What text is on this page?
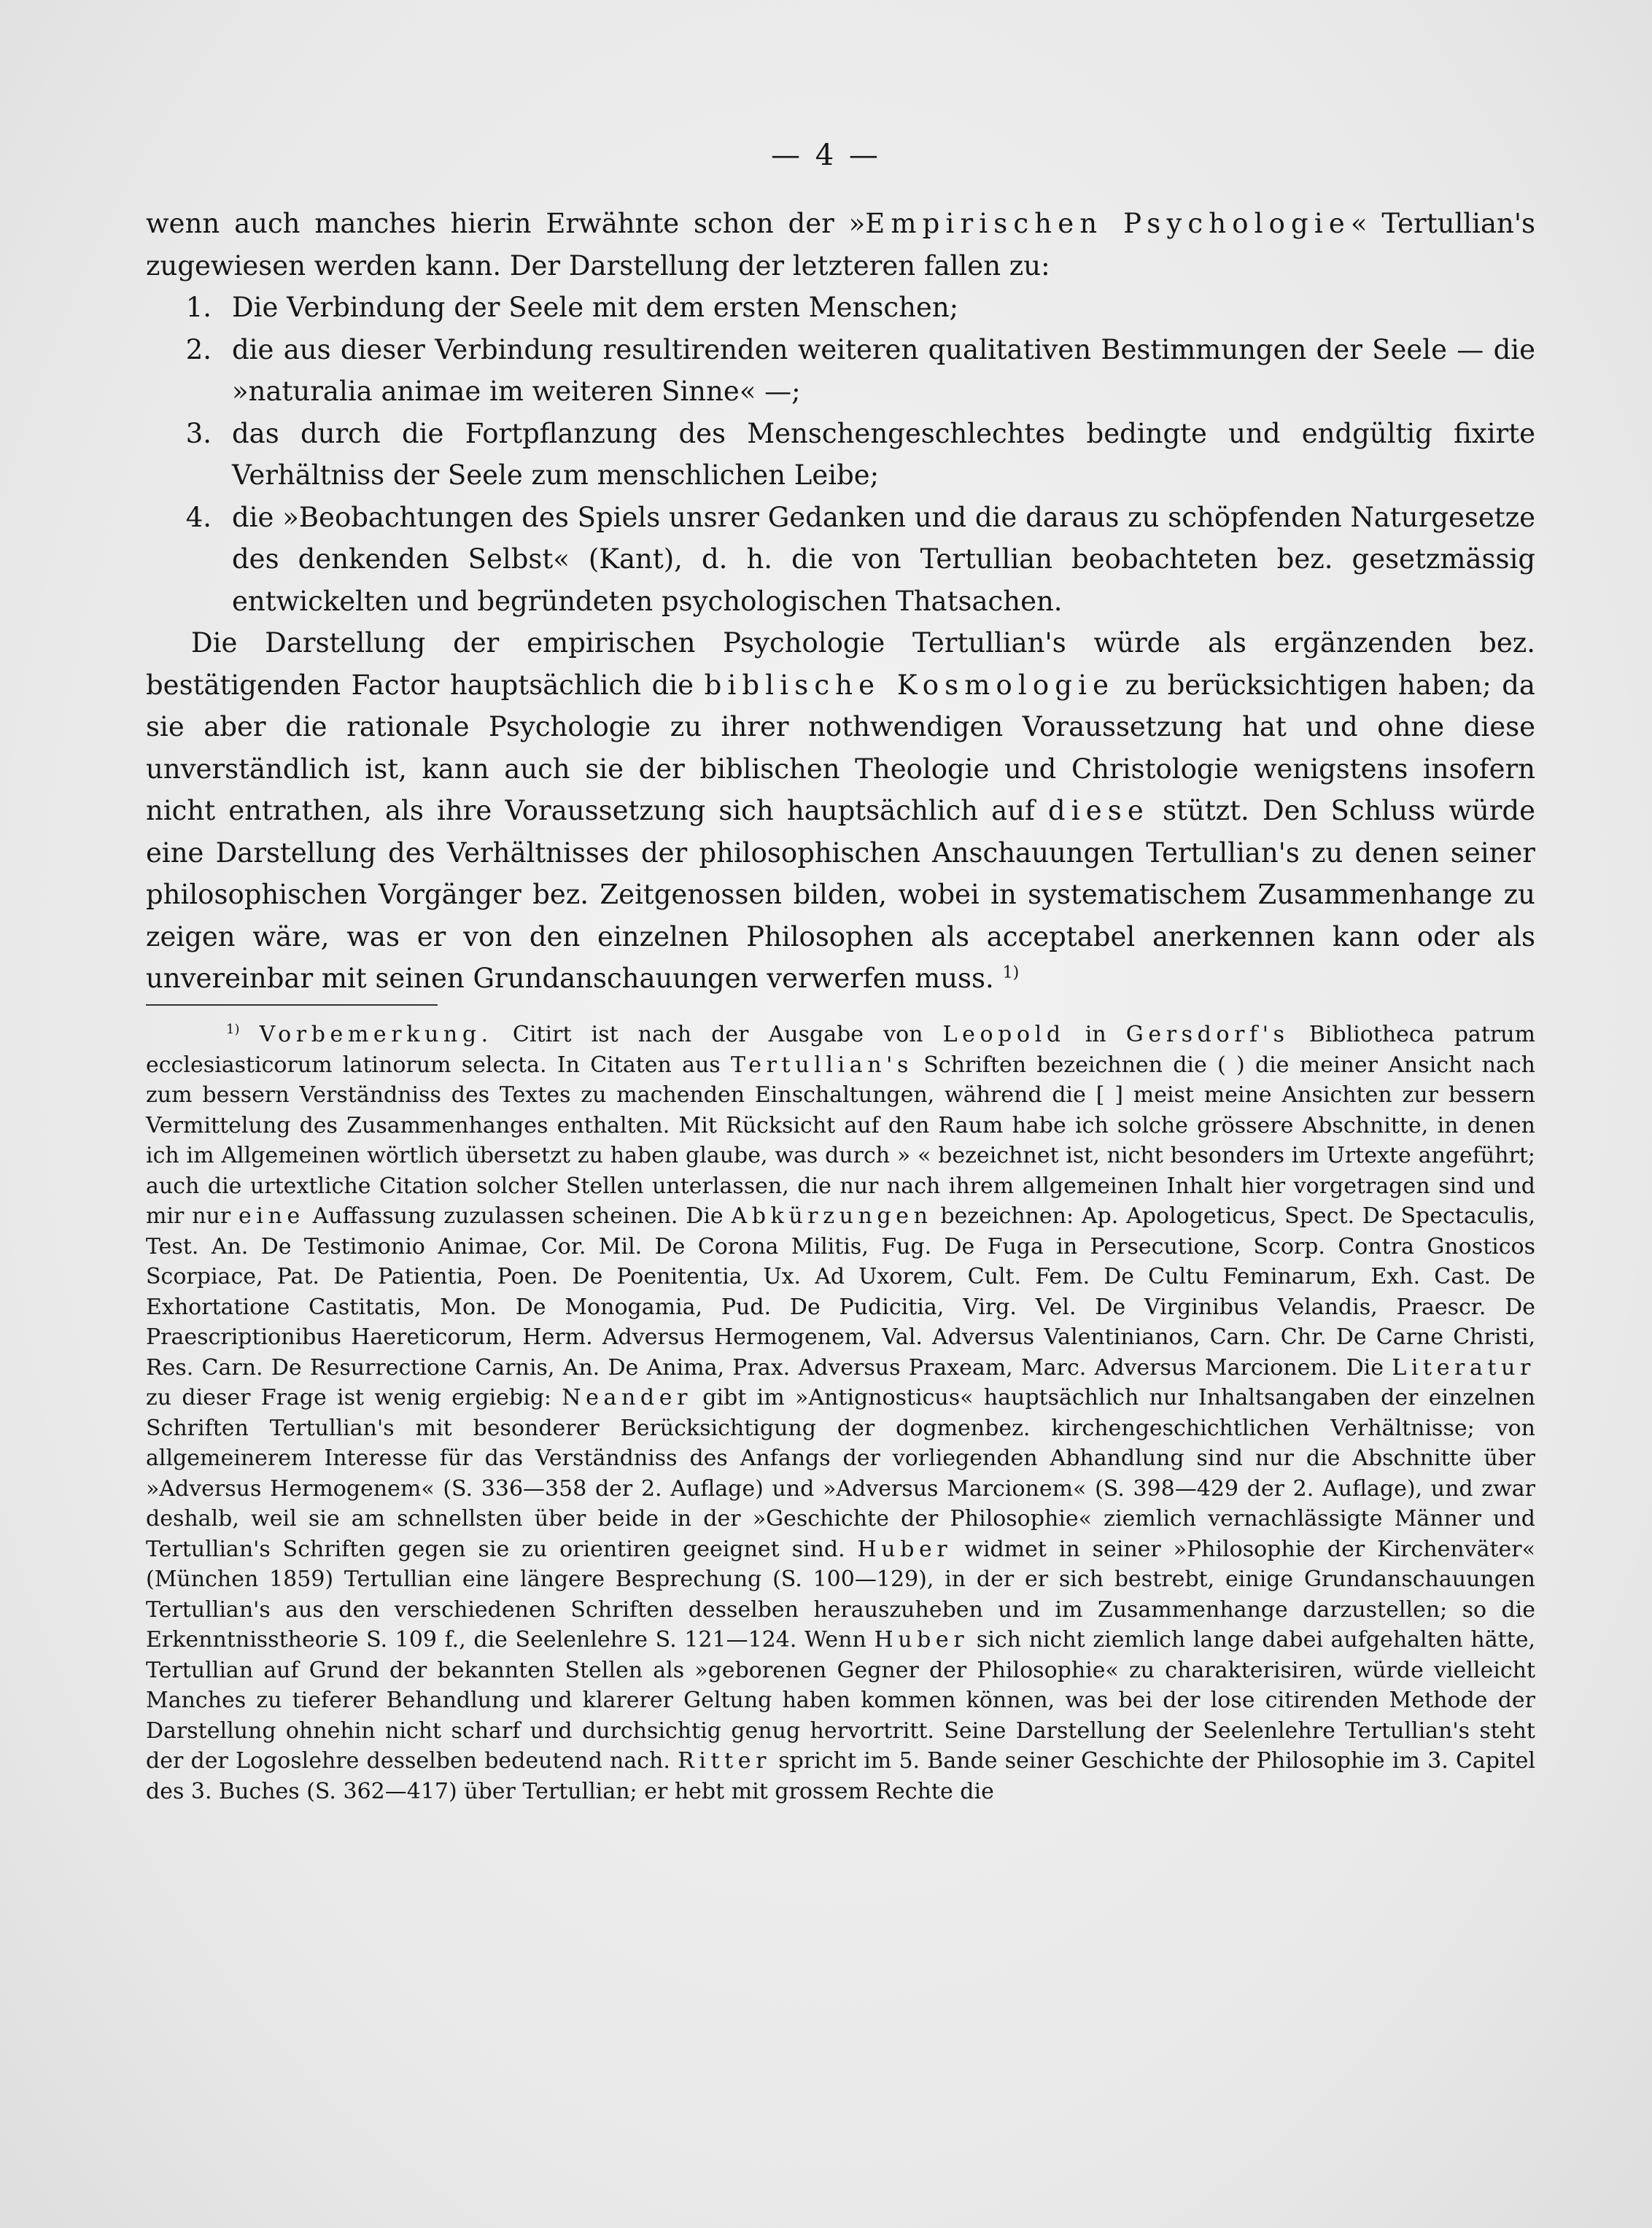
— 4 —

wenn auch manches hierin Erwähnte schon der »Empirischen Psychologie« Tertullian's zugewiesen werden kann. Der Darstellung der letzteren fallen zu:

1. Die Verbindung der Seele mit dem ersten Menschen;
2. die aus dieser Verbindung resultirenden weiteren qualitativen Bestimmungen der Seele — die »naturalia animae im weiteren Sinne« —;
3. das durch die Fortpflanzung des Menschengeschlechtes bedingte und endgültig fixirte Verhältniss der Seele zum menschlichen Leibe;
4. die »Beobachtungen des Spiels unsrer Gedanken und die daraus zu schöpfenden Naturgesetze des denkenden Selbst« (Kant), d. h. die von Tertullian beobachteten bez. gesetzmässig entwickelten und begründeten psychologischen Thatsachen.

Die Darstellung der empirischen Psychologie Tertullian's würde als ergänzenden bez. bestätigenden Factor hauptsächlich die biblische Kosmologie zu berücksichtigen haben; da sie aber die rationale Psychologie zu ihrer nothwendigen Voraussetzung hat und ohne diese unverständlich ist, kann auch sie der biblischen Theologie und Christologie wenigstens insofern nicht entrathen, als ihre Voraussetzung sich hauptsächlich auf diese stützt. Den Schluss würde eine Darstellung des Verhältnisses der philosophischen Anschauungen Tertullian's zu denen seiner philosophischen Vorgänger bez. Zeitgenossen bilden, wobei in systematischem Zusammenhange zu zeigen wäre, was er von den einzelnen Philosophen als acceptabel anerkennen kann oder als unvereinbar mit seinen Grundanschauungen verwerfen muss. $^{1)}$

$^{1)}$ Vorbemerkung. Citirt ist nach der Ausgabe von Leopold in Gersdorf's Bibliotheca patrum ecclesiasticorum latinorum selecta. In Citaten aus Tertullian's Schriften bezeichnen die ( ) die meiner Ansicht nach zum bessern Verständniss des Textes zu machenden Einschaltungen, während die [ ] meist meine Ansichten zur bessern Vermittelung des Zusammenhanges enthalten. Mit Rücksicht auf den Raum habe ich solche grössere Abschnitte, in denen ich im Allgemeinen wörtlich übersetzt zu haben glaube, was durch » « bezeichnet ist, nicht besonders im Urtexte angeführt; auch die urtextliche Citation solcher Stellen unterlassen, die nur nach ihrem allgemeinen Inhalt hier vorgetragen sind und mir nur eine Auffassung zuzulassen scheinen. Die Abkürzungen bezeichnen: Ap. Apologeticus, Spect. De Spectaculis, Test. An. De Testimonio Animae, Cor. Mil. De Corona Militis, Fug. De Fuga in Persecutione, Scorp. Contra Gnosticos Scorpiace, Pat. De Patientia, Poen. De Poenitentia, Ux. Ad Uxorem, Cult. Fem. De Cultu Feminarum, Exh. Cast. De Exhortatione Castitatis, Mon. De Monogamia, Pud. De Pudicitia, Virg. Vel. De Virginibus Velandis, Praescr. De Praescriptionibus Haereticorum, Herm. Adversus Hermogenem, Val. Adversus Valentinianos, Carn. Chr. De Carne Christi, Res. Carn. De Resurrectione Carnis, An. De Anima, Prax. Adversus Praxeam, Marc. Adversus Marcionem. Die Literatur zu dieser Frage ist wenig ergiebig: Neander gibt im »Antignosticus« hauptsächlich nur Inhaltsangaben der einzelnen Schriften Tertullian's mit besonderer Berücksichtigung der dogmenbez. kirchengeschichtlichen Verhältnisse; von allgemeinerem Interesse für das Verständniss des Anfangs der vorliegenden Abhandlung sind nur die Abschnitte über »Adversus Hermogenem« (S. 336—358 der 2. Auflage) und »Adversus Marcionem« (S. 398—429 der 2. Auflage), und zwar deshalb, weil sie am schnellsten über beide in der »Geschichte der Philosophie« ziemlich vernachlässigte Männer und Tertullian's Schriften gegen sie zu orientiren geeignet sind. Huber widmet in seiner »Philosophie der Kirchenväter« (München 1859) Tertullian eine längere Besprechung (S. 100—129), in der er sich bestrebt, einige Grundanschauungen Tertullian's aus den verschiedenen Schriften desselben herauszuheben und im Zusammenhange darzustellen; so die Erkenntnisstheorie S. 109 f., die Seelenlehre S. 121—124. Wenn Huber sich nicht ziemlich lange dabei aufgehalten hätte, Tertullian auf Grund der bekannten Stellen als »geborenen Gegner der Philosophie« zu charakterisiren, würde vielleicht Manches zu tieferer Behandlung und klarerer Geltung haben kommen können, was bei der lose citirenden Methode der Darstellung ohnehin nicht scharf und durchsichtig genug hervortritt. Seine Darstellung der Seelenlehre Tertullian's steht der der Logoslehre desselben bedeutend nach. Ritter spricht im 5. Bande seiner Geschichte der Philosophie im 3. Capitel des 3. Buches (S. 362—417) über Tertullian; er hebt mit grossem Rechte die
